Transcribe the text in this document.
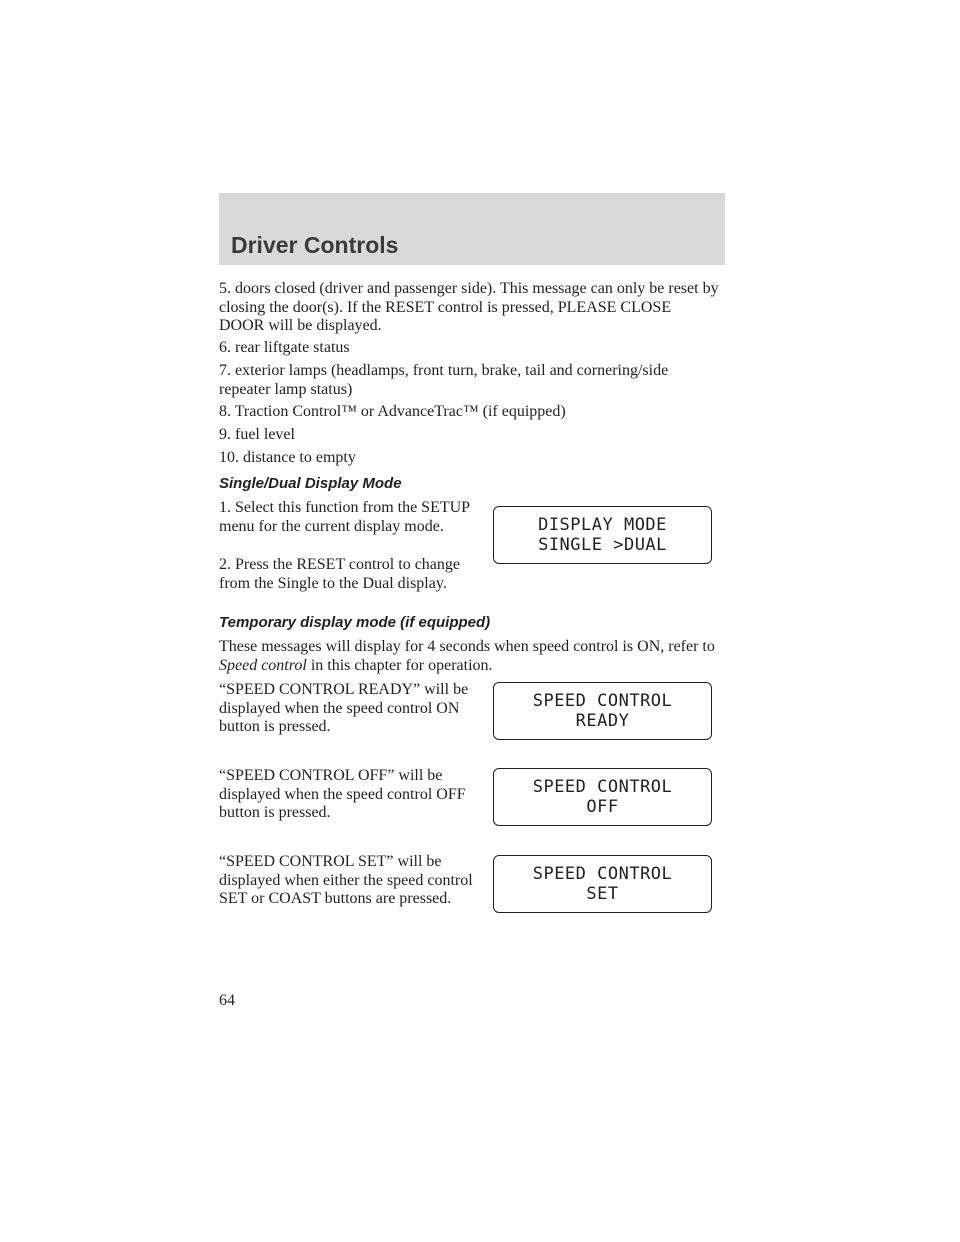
Driver Controls

5. doors closed (driver and passenger side). This message can only be reset by closing the door(s). If the RESET control is pressed, PLEASE CLOSE DOOR will be displayed.

6. rear liftgate status

7. exterior lamps (headlamps, front turn, brake, tail and cornering/side repeater lamp status)

8. Traction Control™ or AdvanceTrac™ (if equipped)

9. fuel level

10. distance to empty

Single/Dual Display Mode

1. Select this function from the SETUP menu for the current display mode.

2. Press the RESET control to change from the Single to the Dual display.

DISPLAY MODE
SINGLE >DUAL
Temporary display mode (if equipped)

These messages will display for 4 seconds when speed control is ON, refer to Speed control in this chapter for operation.

“SPEED CONTROL READY” will be displayed when the speed control ON button is pressed.

SPEED CONTROL
READY

“SPEED CONTROL OFF” will be displayed when the speed control OFF button is pressed.

SPEED CONTROL
OFF

“SPEED CONTROL SET” will be displayed when either the speed control SET or COAST buttons are pressed.

SPEED CONTROL
SET

64
